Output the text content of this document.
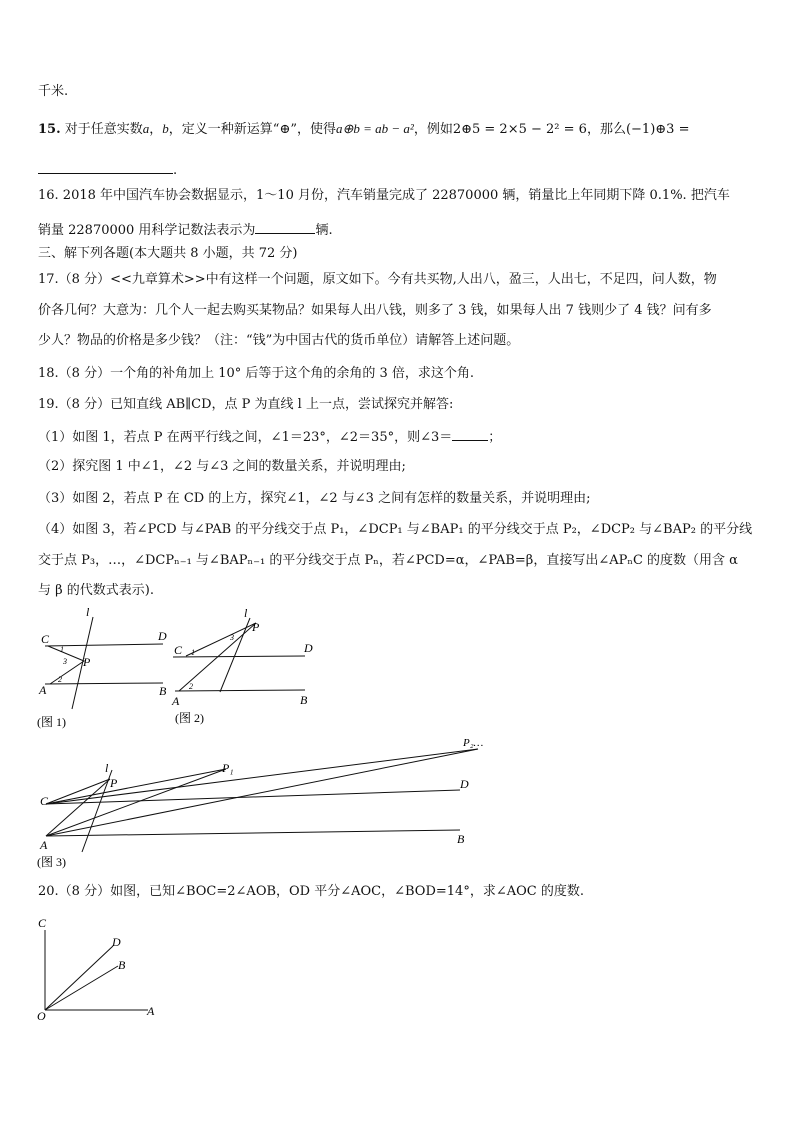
千米.
15. 对于任意实数a，b，定义一种新运算“⊕”，使得a⊕b = ab − a²，例如2⊕5 = 2×5 − 2² = 6，那么(−1)⊕3 =
.
16. 2018 年中国汽车协会数据显示，1～10 月份，汽车销量完成了 22870000 辆，销量比上年同期下降 0.1%. 把汽车
销量 22870000 用科学记数法表示为	辆.
三、解下列各题(本大题共 8 小题，共 72 分)
17.（8 分）<<九章算术>>中有这样一个问题，原文如下。今有共买物,人出八，盈三，人出七，不足四，问人数，物
价各几何？大意为：几个人一起去购买某物品？如果每人出八钱，则多了 3 钱，如果每人出 7 钱则少了 4 钱？问有多
少人？物品的价格是多少钱？（注：“钱”为中国古代的货币单位）请解答上述问题。
18.（8 分）一个角的补角加上 10° 后等于这个角的余角的 3 倍，求这个角.
19.（8 分）已知直线 AB∥CD，点 P 为直线 l 上一点，尝试探究并解答:
（1）如图 1，若点 P 在两平行线之间，∠1＝23°，∠2＝35°，则∠3＝	；
（2）探究图 1 中∠1，∠2 与∠3 之间的数量关系，并说明理由;
（3）如图 2，若点 P 在 CD 的上方，探究∠1，∠2 与∠3 之间有怎样的数量关系，并说明理由;
（4）如图 3，若∠PCD 与∠PAB 的平分线交于点 P₁，∠DCP₁ 与∠BAP₁ 的平分线交于点 P₂，∠DCP₂ 与∠BAP₂ 的平分线
交于点 P₃，…，∠DCPₙ₋₁ 与∠BAPₙ₋₁ 的平分线交于点 Pₙ，若∠PCD=α，∠PAB=β，直接写出∠APₙC 的度数（用含 α
与 β 的代数式表示).
l
C	D
P
A	B
1
2
3
(图 1)
l
P
C	D
A	B
1
2
3
(图 2)
l
P
P₁
P₂…
C
D
A	B
(图 3)
C
D
B
O	A
20.（8 分）如图，已知∠BOC=2∠AOB，OD 平分∠AOC，∠BOD=14°，求∠AOC 的度数.
